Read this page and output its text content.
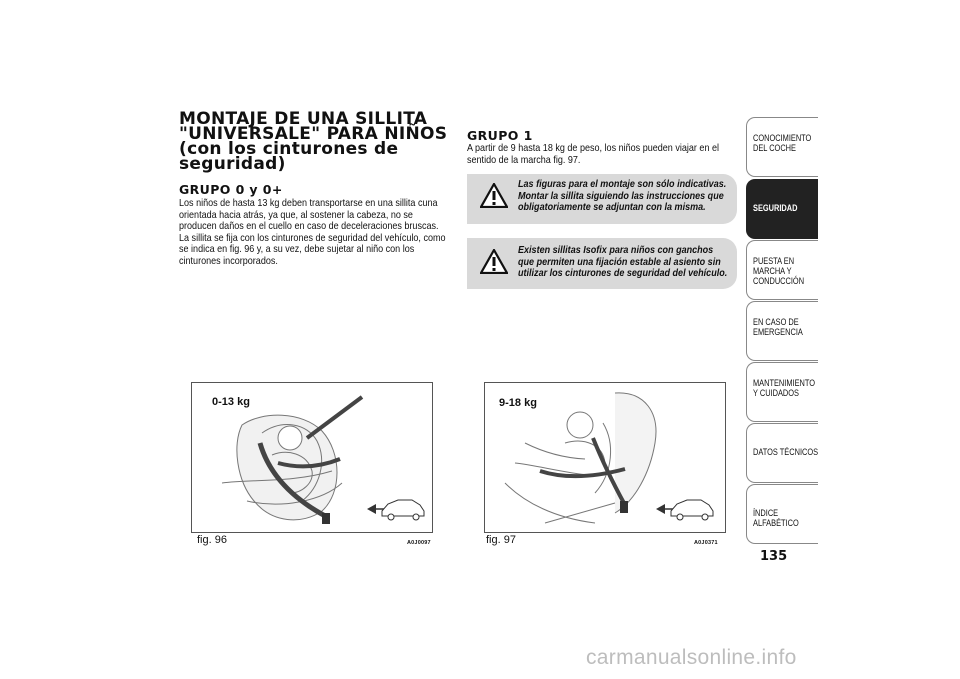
MONTAJE DE UNA SILLITA "UNIVERSALE" PARA NIÑOS (con los cinturones de seguridad)
GRUPO 0 y 0+

Los niños de hasta 13 kg deben transportarse en una sillita cuna orientada hacia atrás, ya que, al sostener la cabeza, no se producen daños en el cuello en caso de deceleraciones bruscas.

La sillita se fija con los cinturones de seguridad del vehículo, como se indica en fig. 96 y, a su vez, debe sujetar al niño con los cinturones incorporados.

GRUPO 1

A partir de 9 hasta 18 kg de peso, los niños pueden viajar en el sentido de la marcha fig. 97.

Las figuras para el montaje son sólo indicativas. Montar la sillita siguiendo las instrucciones que obligatoriamente se adjuntan con la misma.
Existen sillitas Isofix para niños con ganchos que permiten una fijación estable al asiento sin utilizar los cinturones de seguridad del vehículo.
0-13 kg
fig. 96	A0J0097
9-18 kg
fig. 97	A0J0371
CONOCIMIENTO DEL COCHE
SEGURIDAD
PUESTA EN MARCHA Y CONDUCCIÓN
EN CASO DE EMERGENCIA
MANTENIMIENTO Y CUIDADOS
DATOS TÉCNICOS
ÍNDICE ALFABÉTICO
135
carmanualsonline.info
